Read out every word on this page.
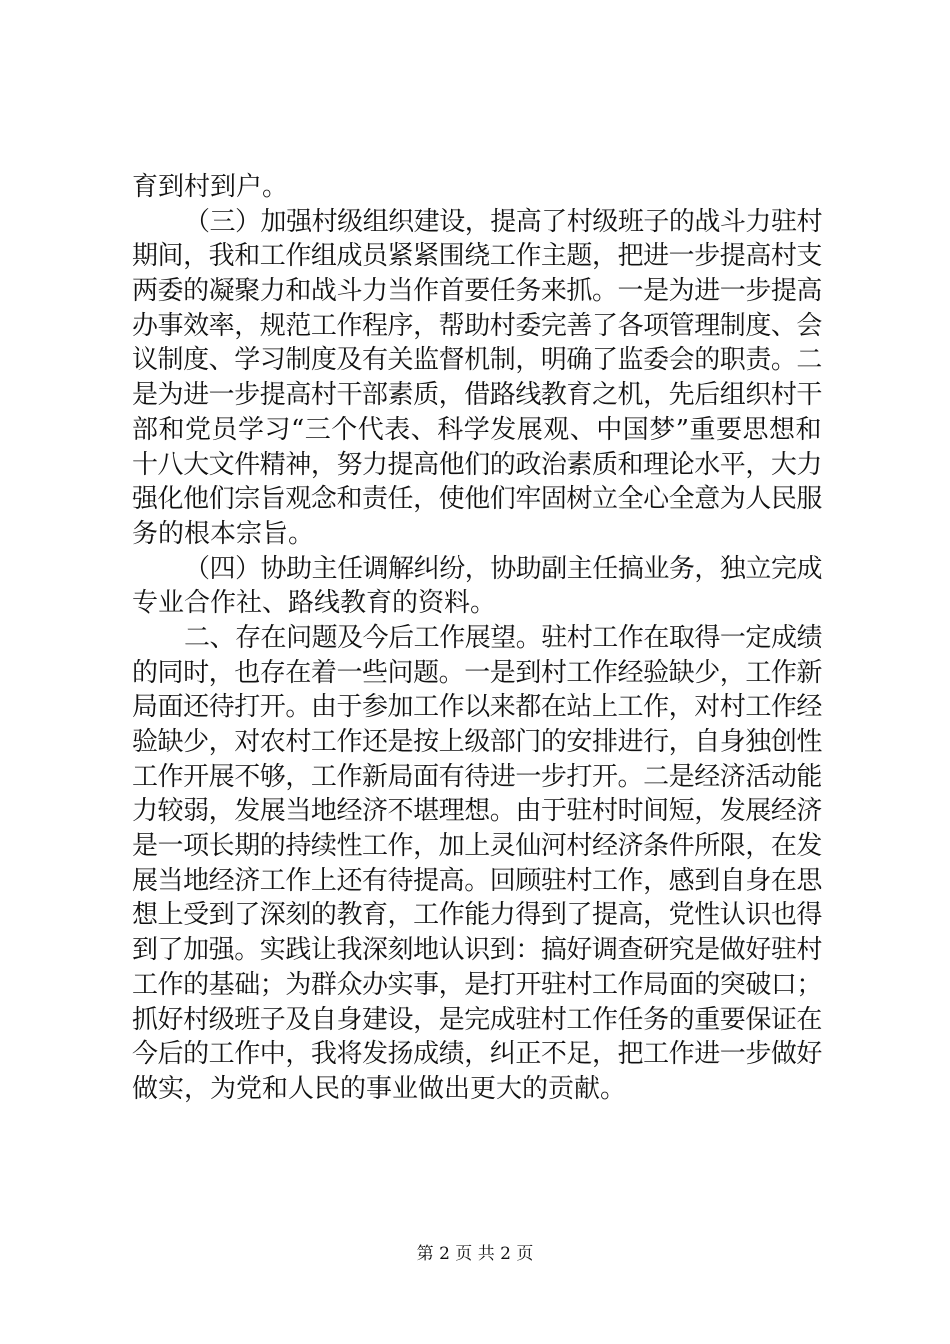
育到村到户。
（三）加强村级组织建设，提高了村级班子的战斗力驻村
期间，我和工作组成员紧紧围绕工作主题，把进一步提高村支
两委的凝聚力和战斗力当作首要任务来抓。一是为进一步提高
办事效率，规范工作程序，帮助村委完善了各项管理制度、会
议制度、学习制度及有关监督机制，明确了监委会的职责。二
是为进一步提高村干部素质，借路线教育之机，先后组织村干
部和党员学习“三个代表、科学发展观、中国梦”重要思想和
十八大文件精神，努力提高他们的政治素质和理论水平，大力
强化他们宗旨观念和责任，使他们牢固树立全心全意为人民服
务的根本宗旨。
（四）协助主任调解纠纷，协助副主任搞业务，独立完成
专业合作社、路线教育的资料。
二、存在问题及今后工作展望。驻村工作在取得一定成绩
的同时，也存在着一些问题。一是到村工作经验缺少，工作新
局面还待打开。由于参加工作以来都在站上工作，对村工作经
验缺少，对农村工作还是按上级部门的安排进行，自身独创性
工作开展不够，工作新局面有待进一步打开。二是经济活动能
力较弱，发展当地经济不堪理想。由于驻村时间短，发展经济
是一项长期的持续性工作，加上灵仙河村经济条件所限，在发
展当地经济工作上还有待提高。回顾驻村工作，感到自身在思
想上受到了深刻的教育，工作能力得到了提高，党性认识也得
到了加强。实践让我深刻地认识到：搞好调查研究是做好驻村
工作的基础；为群众办实事，是打开驻村工作局面的突破口；
抓好村级班子及自身建设，是完成驻村工作任务的重要保证在
今后的工作中，我将发扬成绩，纠正不足，把工作进一步做好
做实，为党和人民的事业做出更大的贡献。
第 2 页 共 2 页
